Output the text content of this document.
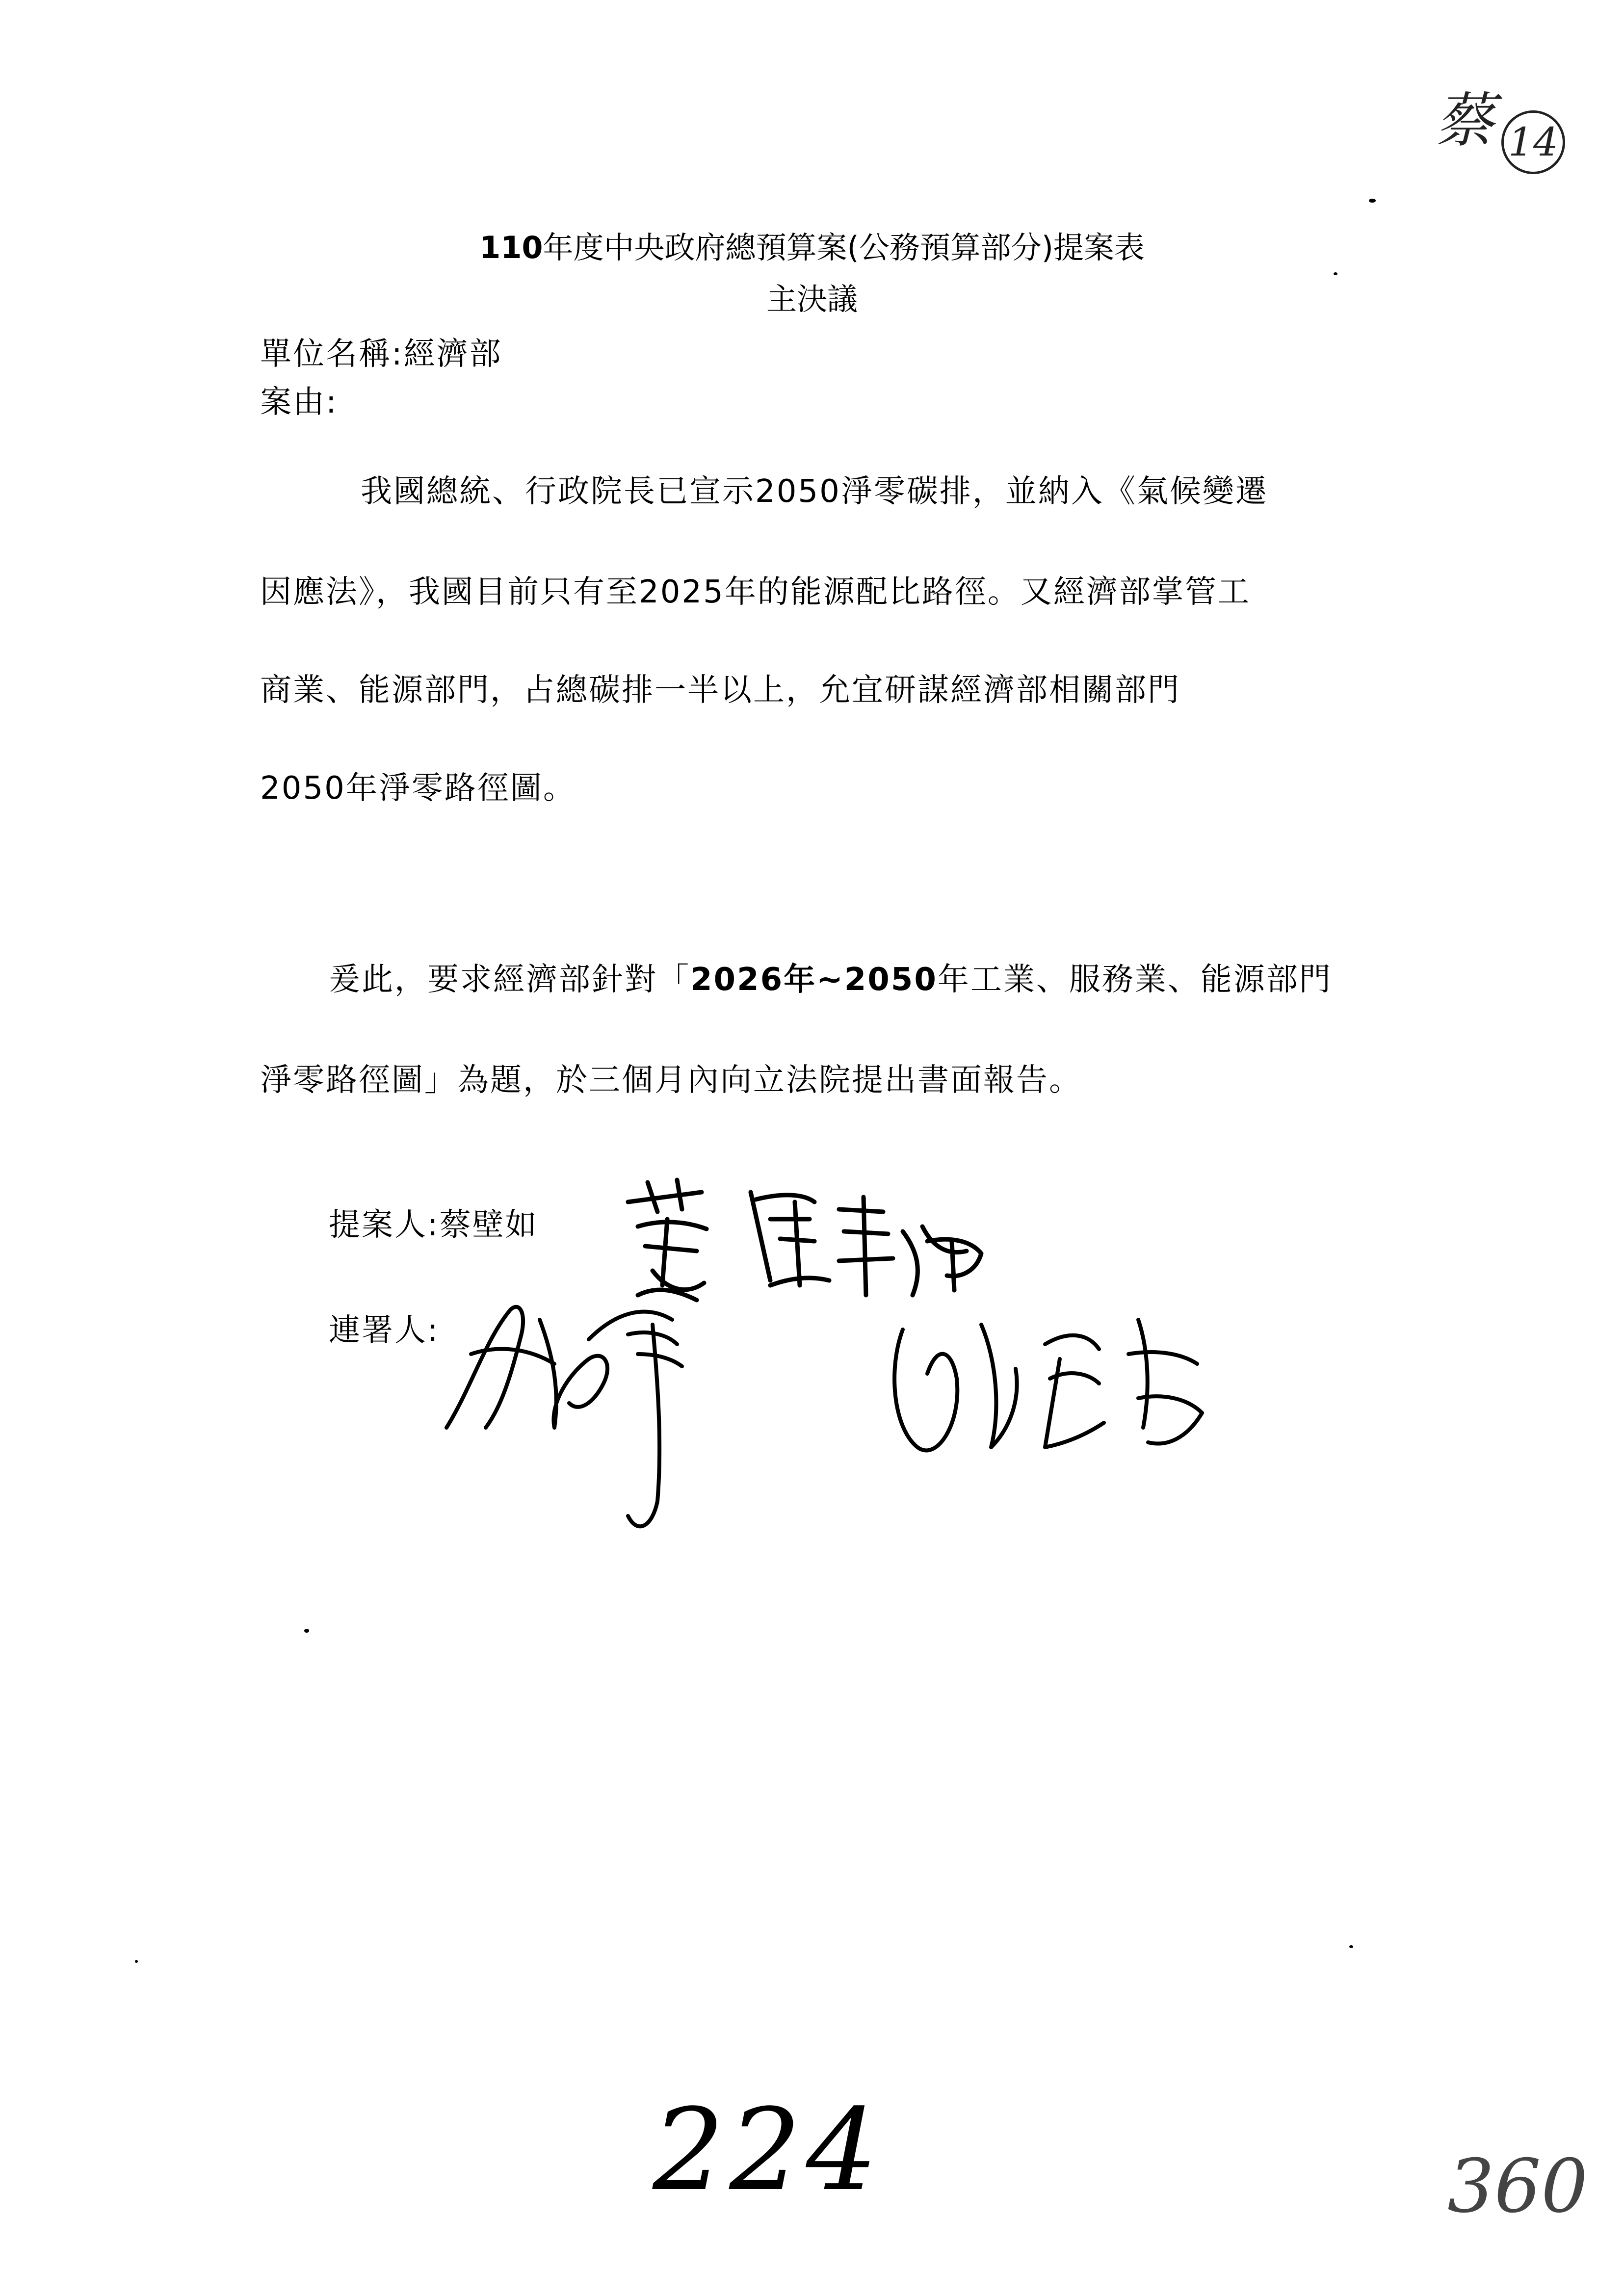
蔡 14
110年度中央政府總預算案(公務預算部分)提案表
主決議
單位名稱:經濟部
案由:
我國總統、行政院長已宣示2050淨零碳排，並納入《氣候變遷
因應法》，我國目前只有至2025年的能源配比路徑。又經濟部掌管工
商業、能源部門，占總碳排一半以上，允宜研謀經濟部相關部門
2050年淨零路徑圖。
爰此，要求經濟部針對「2026年~2050年工業、服務業、能源部門
淨零路徑圖」為題，於三個月內向立法院提出書面報告。
提案人:蔡壁如
連署人:
224	360
